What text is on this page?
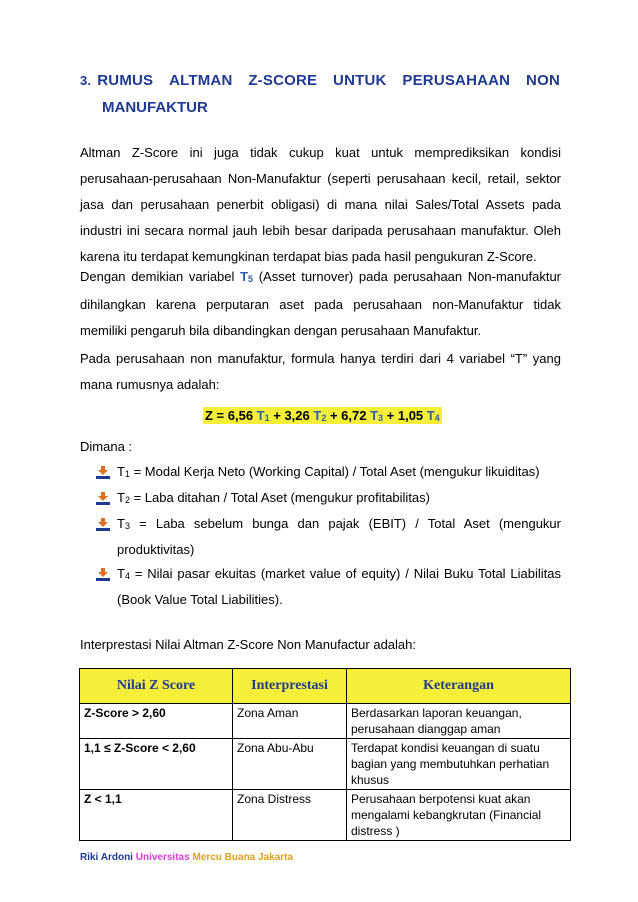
3. RUMUS ALTMAN Z-SCORE UNTUK PERUSAHAAN NON
MANUFAKTUR
Altman Z-Score ini juga tidak cukup kuat untuk memprediksikan kondisi perusahaan-perusahaan Non-Manufaktur (seperti perusahaan kecil, retail, sektor jasa dan perusahaan penerbit obligasi) di mana nilai Sales/Total Assets pada industri ini secara normal jauh lebih besar daripada perusahaan manufaktur. Oleh karena itu terdapat kemungkinan terdapat bias pada hasil pengukuran Z-Score.
Dengan demikian variabel $T_5$ (Asset turnover) pada perusahaan Non-manufaktur dihilangkan karena perputaran aset pada perusahaan non-Manufaktur tidak memiliki pengaruh bila dibandingkan dengan perusahaan Manufaktur.
Pada perusahaan non manufaktur, formula hanya terdiri dari 4 variabel “T” yang mana rumusnya adalah:
Z = 6,56 $T_1 + 3,26$ $T_2 + 6,72$ $T_3 + 1,05$ $T_4$
Dimana :
$T_1$ = Modal Kerja Neto (Working Capital) / Total Aset (mengukur likuiditas)
$T_2$ = Laba ditahan / Total Aset (mengukur profitabilitas)
$T_3$ = Laba sebelum bunga dan pajak (EBIT) / Total Aset (mengukur produktivitas)
$T_4$ = Nilai pasar ekuitas (market value of equity) / Nilai Buku Total Liabilitas (Book Value Total Liabilities).
Interprestasi Nilai Altman Z-Score Non Manufactur adalah:
Nilai Z Score	Interprestasi	Keterangan
Z-Score > 2,60	Zona Aman	Berdasarkan laporan keuangan, perusahaan dianggap aman
1,1 ≤ Z-Score < 2,60	Zona Abu-Abu	Terdapat kondisi keuangan di suatu bagian yang membutuhkan perhatian khusus
Z < 1,1	Zona Distress	Perusahaan berpotensi kuat akan mengalami kebangkrutan (Financial distress )
Riki Ardoni Universitas Mercu Buana Jakarta
